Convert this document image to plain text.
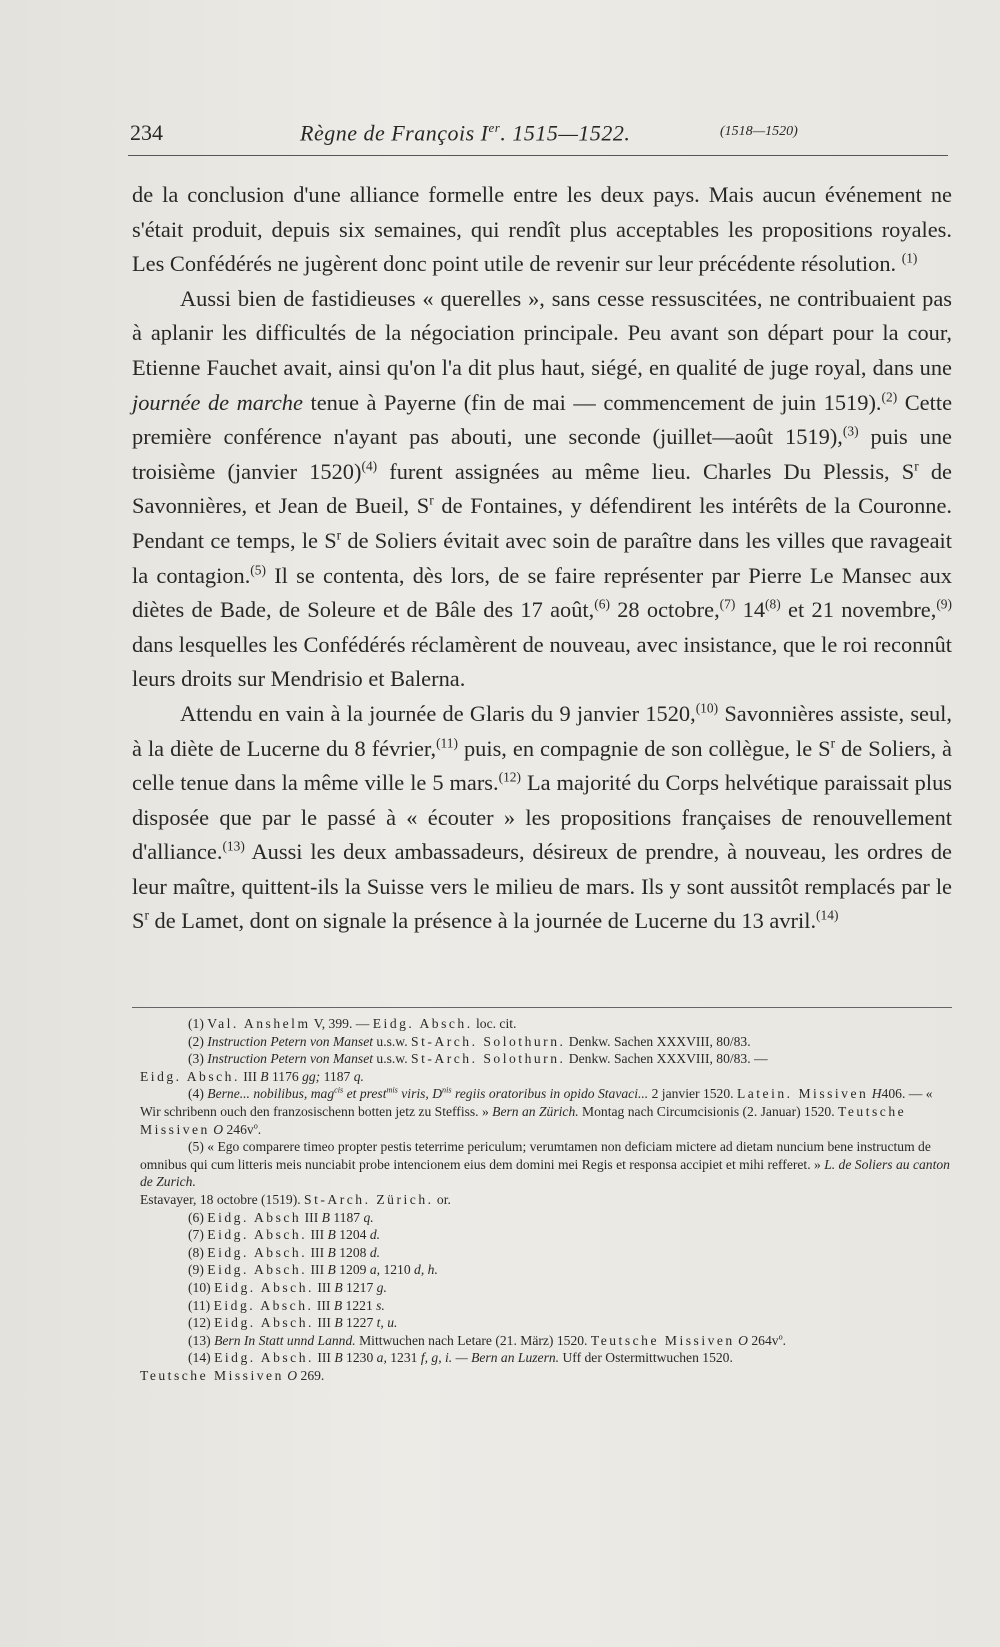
234	Règne de François Ier. 1515—1522.	(1518—1520)

de la conclusion d'une alliance formelle entre les deux pays. Mais aucun événement ne s'était produit, depuis six semaines, qui rendît plus acceptables les propositions royales. Les Confédérés ne jugèrent donc point utile de revenir sur leur précédente résolution. $^{(1)}$

Aussi bien de fastidieuses « querelles », sans cesse ressuscitées, ne contribuaient pas à aplanir les difficultés de la négociation principale. Peu avant son départ pour la cour, Etienne Fauchet avait, ainsi qu'on l'a dit plus haut, siégé, en qualité de juge royal, dans une journée de marche tenue à Payerne (fin de mai — commencement de juin 1519).$^{(2)}$ Cette première conférence n'ayant pas abouti, une seconde (juillet—août 1519),$^{(3)}$ puis une troisième (janvier 1520)$^{(4)}$ furent assignées au même lieu. Charles Du Plessis, $S^r$ de Savonnières, et Jean de Bueil, $S^r$ de Fontaines, y défendirent les intérêts de la Couronne. Pendant ce temps, le $S^r$ de Soliers évitait avec soin de paraître dans les villes que ravageait la contagion.$^{(5)}$ Il se contenta, dès lors, de se faire représenter par Pierre Le Mansec aux diètes de Bade, de Soleure et de Bâle des 17 août,$^{(6)}$ 28 octobre,$^{(7)}$ 14$^{(8)}$ et 21 novembre,$^{(9)}$ dans lesquelles les Confédérés réclamèrent de nouveau, avec insistance, que le roi reconnût leurs droits sur Mendrisio et Balerna.

Attendu en vain à la journée de Glaris du 9 janvier 1520,$^{(10)}$ Savonnières assiste, seul, à la diète de Lucerne du 8 février,$^{(11)}$ puis, en compagnie de son collègue, le $S^r$ de Soliers, à celle tenue dans la même ville le 5 mars.$^{(12)}$ La majorité du Corps helvétique paraissait plus disposée que par le passé à « écouter » les propositions françaises de renouvellement d'alliance.$^{(13)}$ Aussi les deux ambassadeurs, désireux de prendre, à nouveau, les ordres de leur maître, quittent-ils la Suisse vers le milieu de mars. Ils y sont aussitôt remplacés par le $S^r$ de Lamet, dont on signale la présence à la journée de Lucerne du 13 avril.$^{(14)}$

(1) Val. Anshelm V, 399. — Eidg. Absch. loc. cit.

(2) Instruction Petern von Manset u.s.w. St-Arch. Solothurn. Denkw. Sachen XXXVIII, 80/83.

(3) Instruction Petern von Manset u.s.w. St-Arch. Solothurn. Denkw. Sachen XXXVIII, 80/83. —

Eidg. Absch. III B 1176 gg; 1187 q.

(4) Berne... nobilibus, mag$^{cis}$ et prest$^{mis}$ viris, $D^{nis}$ regiis oratoribus in opido Stavaci... 2 janvier 1520. Latein. Missiven H406. — « Wir schribenn ouch den franzosischenn botten jetz zu Steffiss. » Bern an Zürich. Montag nach Circumcisionis (2. Januar) 1520. Teutsche Missiven O $246v^o$.

(5) « Ego comparere timeo propter pestis teterrime periculum; verumtamen non deficiam mictere ad dietam nuncium bene instructum de omnibus qui cum litteris meis nunciabit probe intencionem eius dem domini mei Regis et responsa accipiet et mihi refferet. » L. de Soliers au canton de Zurich.

Estavayer, 18 octobre (1519). St-Arch. Zürich. or.

(6) Eidg. Absch III B 1187 q.

(7) Eidg. Absch. III B 1204 d.

(8) Eidg. Absch. III B 1208 d.

(9) Eidg. Absch. III B 1209 a, 1210 d, h.

(10) Eidg. Absch. III B 1217 g.

(11) Eidg. Absch. III B 1221 s.

(12) Eidg. Absch. III B 1227 t, u.

(13) Bern In Statt unnd Lannd. Mittwuchen nach Letare (21. März) 1520. Teutsche Missiven O $264v^o$.

(14) Eidg. Absch. III B 1230 a, 1231 f, g, i. — Bern an Luzern. Uff der Ostermittwuchen 1520.

Teutsche Missiven O 269.
